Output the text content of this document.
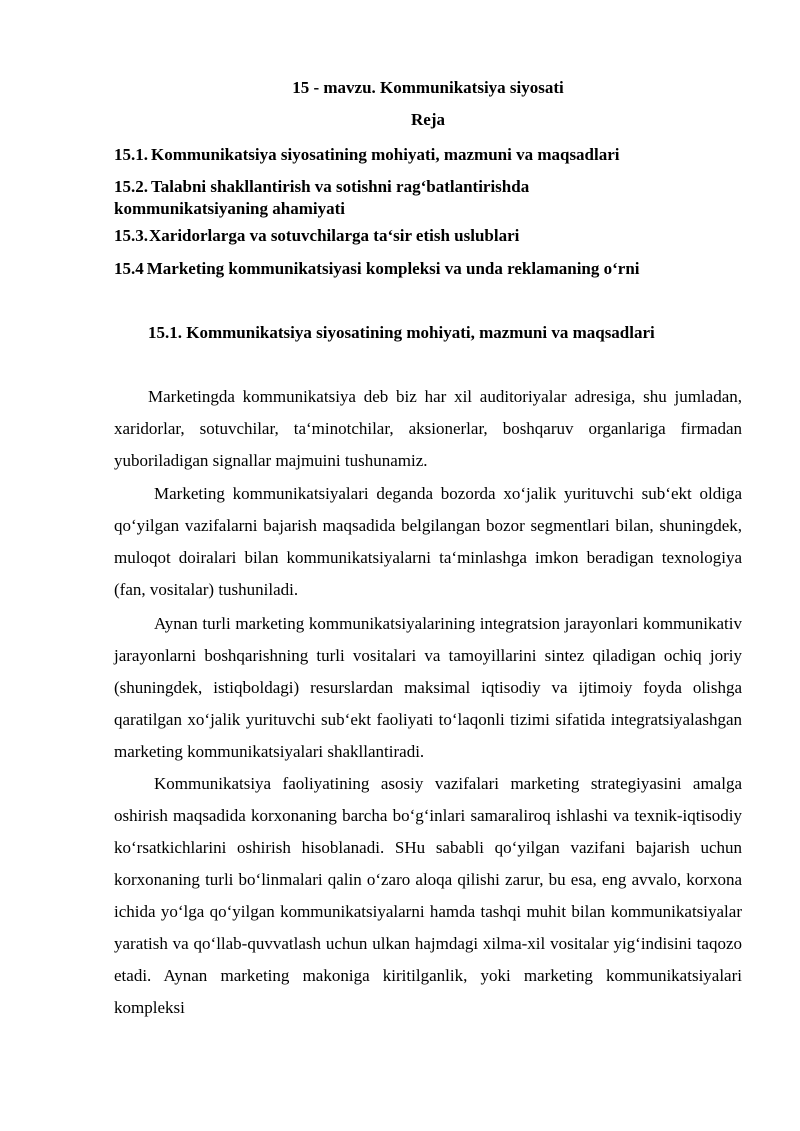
15 - mavzu. Kommunikatsiya siyosati
Reja
15.1. Kommunikatsiya siyosatining mohiyati, mazmuni va maqsadlari
15.2. Talabni shakllantirish va sotishni rag‘batlantirishda kommunikatsiyaning ahamiyati
15.3.Xaridorlarga va sotuvchilarga ta‘sir etish uslublari
15.4 Marketing kommunikatsiyasi kompleksi va unda reklamaning o‘rni
15.1. Kommunikatsiya siyosatining mohiyati, mazmuni va maqsadlari

Marketingda kommunikatsiya deb biz har xil auditoriyalar adresiga, shu jumladan, xaridorlar, sotuvchilar, ta‘minotchilar, aksionerlar, boshqaruv organlariga firmadan yuboriladigan signallar majmuini tushunamiz.

Marketing kommunikatsiyalari deganda bozorda xo‘jalik yurituvchi sub‘ekt oldiga qo‘yilgan vazifalarni bajarish maqsadida belgilangan bozor segmentlari bilan, shuningdek, muloqot doiralari bilan kommunikatsiyalarni ta‘minlashga imkon beradigan texnologiya (fan, vositalar) tushuniladi.

Aynan turli marketing kommunikatsiyalarining integratsion jarayonlari kommunikativ jarayonlarni boshqarishning turli vositalari va tamoyillarini sintez qiladigan ochiq joriy (shuningdek, istiqboldagi) resurslardan maksimal iqtisodiy va ijtimoiy foyda olishga qaratilgan xo‘jalik yurituvchi sub‘ekt faoliyati to‘laqonli tizimi sifatida integratsiyalashgan marketing kommunikatsiyalari shakllantiradi.

Kommunikatsiya faoliyatining asosiy vazifalari marketing strategiyasini amalga oshirish maqsadida korxonaning barcha bo‘g‘inlari samaraliroq ishlashi va texnik-iqtisodiy ko‘rsatkichlarini oshirish hisoblanadi. SHu sababli qo‘yilgan vazifani bajarish uchun korxonaning turli bo‘linmalari qalin o‘zaro aloqa qilishi zarur, bu esa, eng avvalo, korxona ichida yo‘lga qo‘yilgan kommunikatsiyalarni hamda tashqi muhit bilan kommunikatsiyalar yaratish va qo‘llab-quvvatlash uchun ulkan hajmdagi xilma-xil vositalar yig‘indisini taqozo etadi. Aynan marketing makoniga kiritilganlik, yoki marketing kommunikatsiyalari kompleksi
